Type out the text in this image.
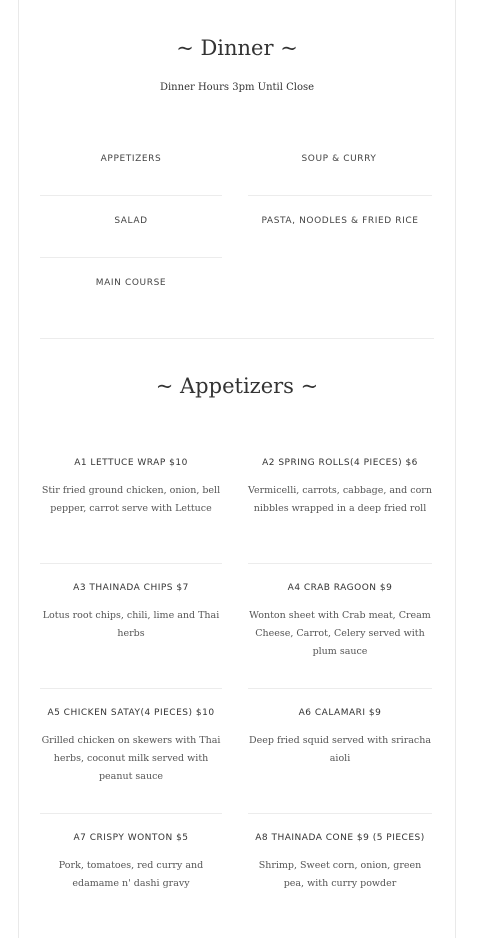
~ Dinner ~
Dinner Hours 3pm Until Close
APPETIZERS	SOUP & CURRY
SALAD	PASTA, NOODLES & FRIED RICE
MAIN COURSE
~ Appetizers ~
A1 LETTUCE WRAP $10
Stir fried ground chicken, onion, bell pepper, carrot serve with Lettuce
A2 SPRING ROLLS(4 PIECES) $6
Vermicelli, carrots, cabbage, and corn nibbles wrapped in a deep fried roll
A3 THAINADA CHIPS $7
Lotus root chips, chili, lime and Thai herbs
A4 CRAB RAGOON $9
Wonton sheet with Crab meat, Cream Cheese, Carrot, Celery served with plum sauce
A5 CHICKEN SATAY(4 PIECES) $10
Grilled chicken on skewers with Thai herbs, coconut milk served with peanut sauce
A6 CALAMARI $9
Deep fried squid served with sriracha aioli
A7 CRISPY WONTON $5
Pork, tomatoes, red curry and edamame n' dashi gravy
A8 THAINADA CONE $9 (5 PIECES)
Shrimp, Sweet corn, onion, green pea, with curry powder
